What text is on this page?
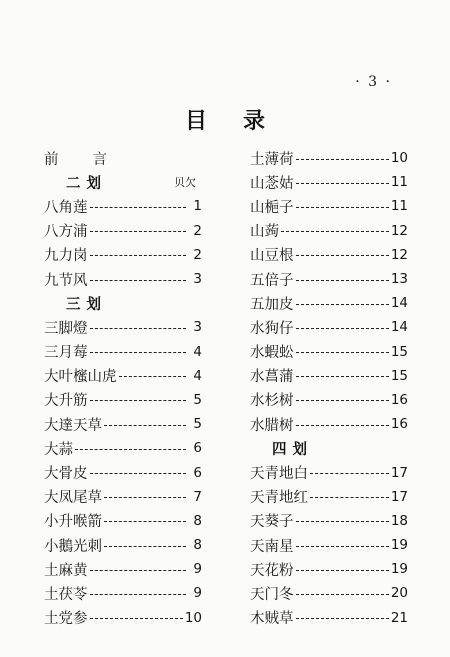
· 3 ·
目录
前言
二划	贝欠
八角莲	1
八方浦	2
九力岗	2
九节风	3
三划
三脚燈	3
三月莓	4
大叶櫁山虎	4
大升筋	5
大達天草	5
大蒜	6
大骨皮	6
大凤尾草	7
小升喉箭	8
小鵝光刺	8
土麻黄	9
土茯苓	9
土党参	10
土薄荷	10
山菍姑	11
山梔子	11
山蒟	12
山豆根	12
五倍子	13
五加皮	14
水狗仔	14
水蝦蚣	15
水菖蒲	15
水杉树	16
水腊树	16
四划
天青地白	17
天青地红	17
天葵子	18
天南星	19
天花粉	19
天门冬	20
木贼草	21
